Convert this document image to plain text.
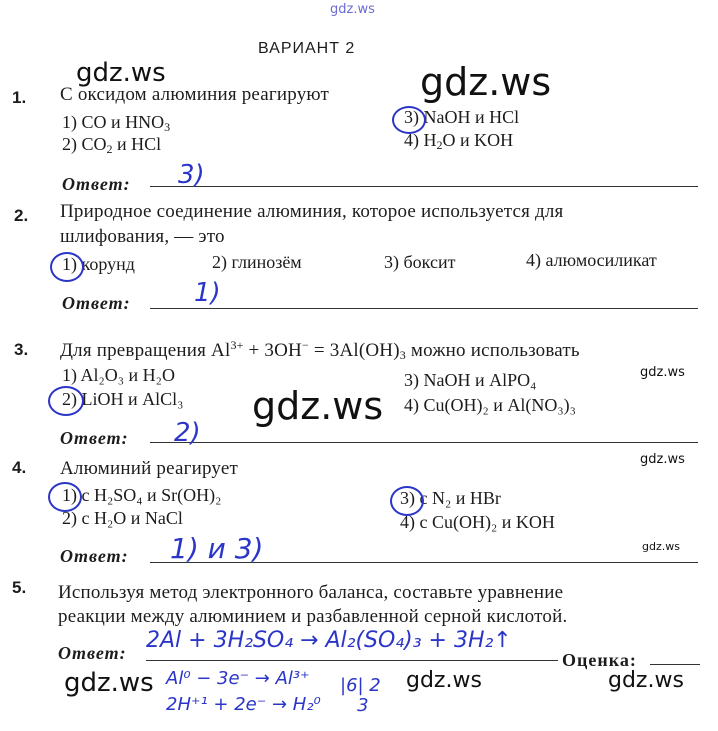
gdz.ws
gdz.ws	gdz.ws
gdz.ws
gdz.ws
gdz.ws
gdz.ws
gdz.ws	gdz.ws	gdz.ws
ВАРИАНТ 2
1. С оксидом алюминия реагируют
1) CO и $HNO_3$
2) $CO_2$ и HCl
3) NaOH и HCl
4) $H_2O$ и KOH
Ответ: 3)
2. Природное соединение алюминия, которое используется для
шлифования, — это
1) корунд	2) глинозём	3) боксит	4) алюмосиликат
Ответ: 1)
3. Для превращения $Al^{3+} + 3OH^- = 3Al(OH)_3$ можно использовать
1) Al₂O₃ и H₂O
2) LiOH и AlCl₃
3) NaOH и AlPO₄
4) Cu(OH)₂ и Al(NO₃)₃
Ответ: 2)
4. Алюминий реагирует
1) с H₂SO₄ и Sr(OH)₂
2) с H₂O и NaCl
3) с N₂ и HBr
4) с Cu(OH)₂ и KOH
Ответ: 1) и 3)
5. Используя метод электронного баланса, составьте уравнение
реакции между алюминием и разбавленной серной кислотой.
Ответ: 2Al + 3H₂SO₄ → Al₂(SO₄)₃ + 3H₂↑
Оценка:
Al⁰ − 3e⁻ → Al³⁺
2H⁺¹ + 2e⁻ → H₂⁰
|6| 2
3
